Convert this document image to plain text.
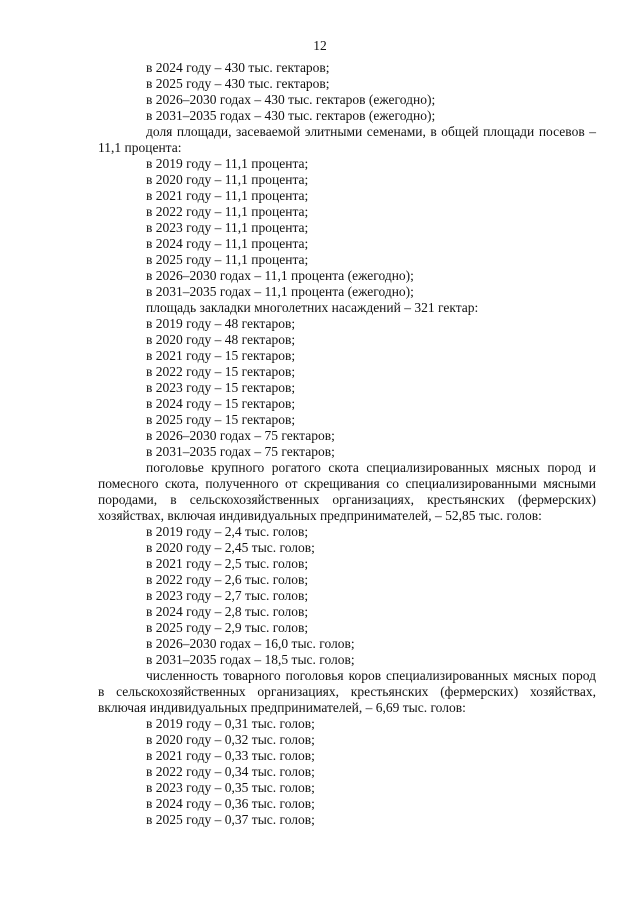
12

в 2024 году – 430 тыс. гектаров;

в 2025 году – 430 тыс. гектаров;

в 2026–2030 годах – 430 тыс. гектаров (ежегодно);

в 2031–2035 годах – 430 тыс. гектаров (ежегодно);

доля площади, засеваемой элитными семенами, в общей площади посевов – 11,1 процента:

в 2019 году – 11,1 процента;

в 2020 году – 11,1 процента;

в 2021 году – 11,1 процента;

в 2022 году – 11,1 процента;

в 2023 году – 11,1 процента;

в 2024 году – 11,1 процента;

в 2025 году – 11,1 процента;

в 2026–2030 годах – 11,1 процента (ежегодно);

в 2031–2035 годах – 11,1 процента (ежегодно);

площадь закладки многолетних насаждений – 321 гектар:

в 2019 году – 48 гектаров;

в 2020 году – 48 гектаров;

в 2021 году – 15 гектаров;

в 2022 году – 15 гектаров;

в 2023 году – 15 гектаров;

в 2024 году – 15 гектаров;

в 2025 году – 15 гектаров;

в 2026–2030 годах – 75 гектаров;

в 2031–2035 годах – 75 гектаров;

поголовье крупного рогатого скота специализированных мясных пород и помесного скота, полученного от скрещивания со специализированными мясными породами, в сельскохозяйственных организациях, крестьянских (фермерских) хозяйствах, включая индивидуальных предпринимателей, – 52,85 тыс. голов:

в 2019 году – 2,4 тыс. голов;

в 2020 году – 2,45 тыс. голов;

в 2021 году – 2,5 тыс. голов;

в 2022 году – 2,6 тыс. голов;

в 2023 году – 2,7 тыс. голов;

в 2024 году – 2,8 тыс. голов;

в 2025 году – 2,9 тыс. голов;

в 2026–2030 годах – 16,0 тыс. голов;

в 2031–2035 годах – 18,5 тыс. голов;

численность товарного поголовья коров специализированных мясных пород в сельскохозяйственных организациях, крестьянских (фермерских) хозяйствах, включая индивидуальных предпринимателей, – 6,69 тыс. голов:

в 2019 году – 0,31 тыс. голов;

в 2020 году – 0,32 тыс. голов;

в 2021 году – 0,33 тыс. голов;

в 2022 году – 0,34 тыс. голов;

в 2023 году – 0,35 тыс. голов;

в 2024 году – 0,36 тыс. голов;

в 2025 году – 0,37 тыс. голов;
